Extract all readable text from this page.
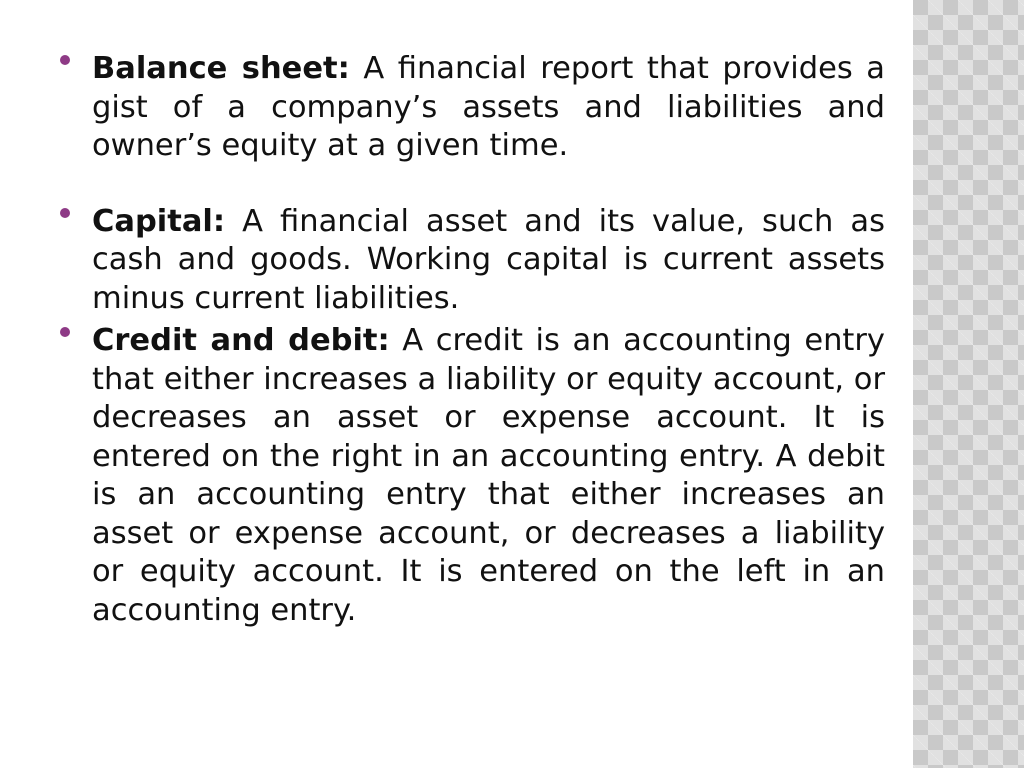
Balance sheet: A financial report that provides a gist of a company’s assets and liabilities and owner’s equity at a given time.
Capital: A financial asset and its value, such as cash and goods. Working capital is current assets minus current liabilities.
Credit and debit: A credit is an accounting entry that either increases a liability or equity account, or decreases an asset or expense account. It is entered on the right in an accounting entry. A debit is an accounting entry that either increases an asset or expense account, or decreases a liability or equity account. It is entered on the left in an accounting entry.
